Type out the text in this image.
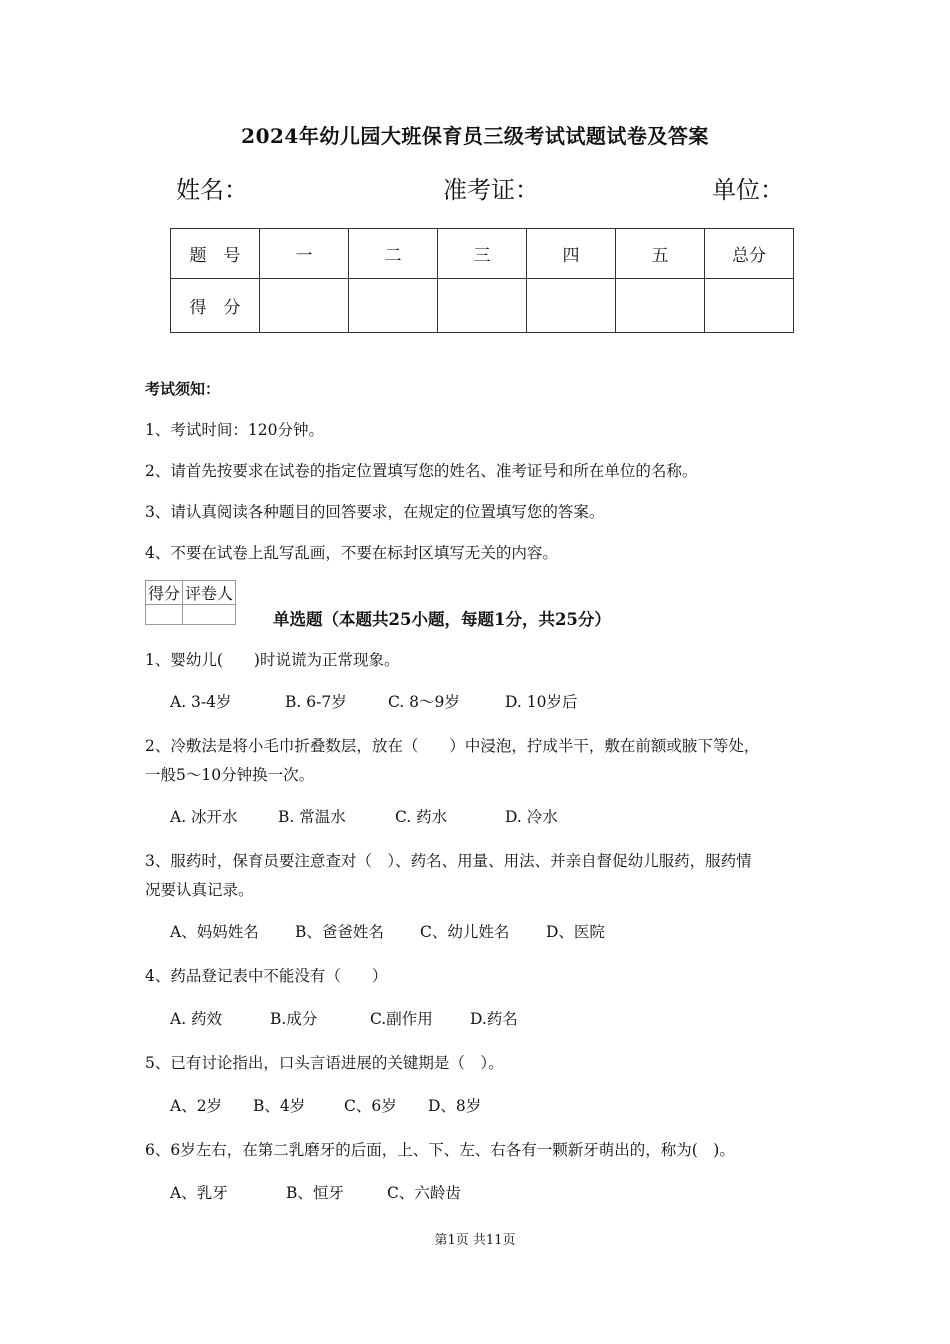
2024年幼儿园大班保育员三级考试试题试卷及答案
姓名：	准考证：	单位：
题　号	一	二	三	四	五	总分
得　分						
考试须知：
1、考试时间：120分钟。
2、请首先按要求在试卷的指定位置填写您的姓名、准考证号和所在单位的名称。
3、请认真阅读各种题目的回答要求，在规定的位置填写您的答案。
4、不要在试卷上乱写乱画，不要在标封区填写无关的内容。
得分	评卷人

单选题（本题共25小题，每题1分，共25分）
1、婴幼儿(　　)时说谎为正常现象。
A. 3-4岁	B. 6-7岁	C. 8～9岁	D. 10岁后
2、冷敷法是将小毛巾折叠数层，放在（　　）中浸泡，拧成半干，敷在前额或腋下等处，
一般5～10分钟换一次。
A. 冰开水	B. 常温水	C. 药水	D. 冷水
3、服药时，保育员要注意查对（　）、药名、用量、用法、并亲自督促幼儿服药，服药情
况要认真记录。
A、妈妈姓名 B、爸爸姓名 C、幼儿姓名 D、医院
4、药品登记表中不能没有（　　）
A. 药效	B.成分	C.副作用 D.药名
5、已有讨论指出，口头言语进展的关键期是（　）。
A、2岁 B、4岁 C、6岁 D、8岁
6、6岁左右，在第二乳磨牙的后面，上、下、左、右各有一颗新牙萌出的，称为(　)。
A、乳牙	B、恒牙	C、六龄齿
第1页 共11页
